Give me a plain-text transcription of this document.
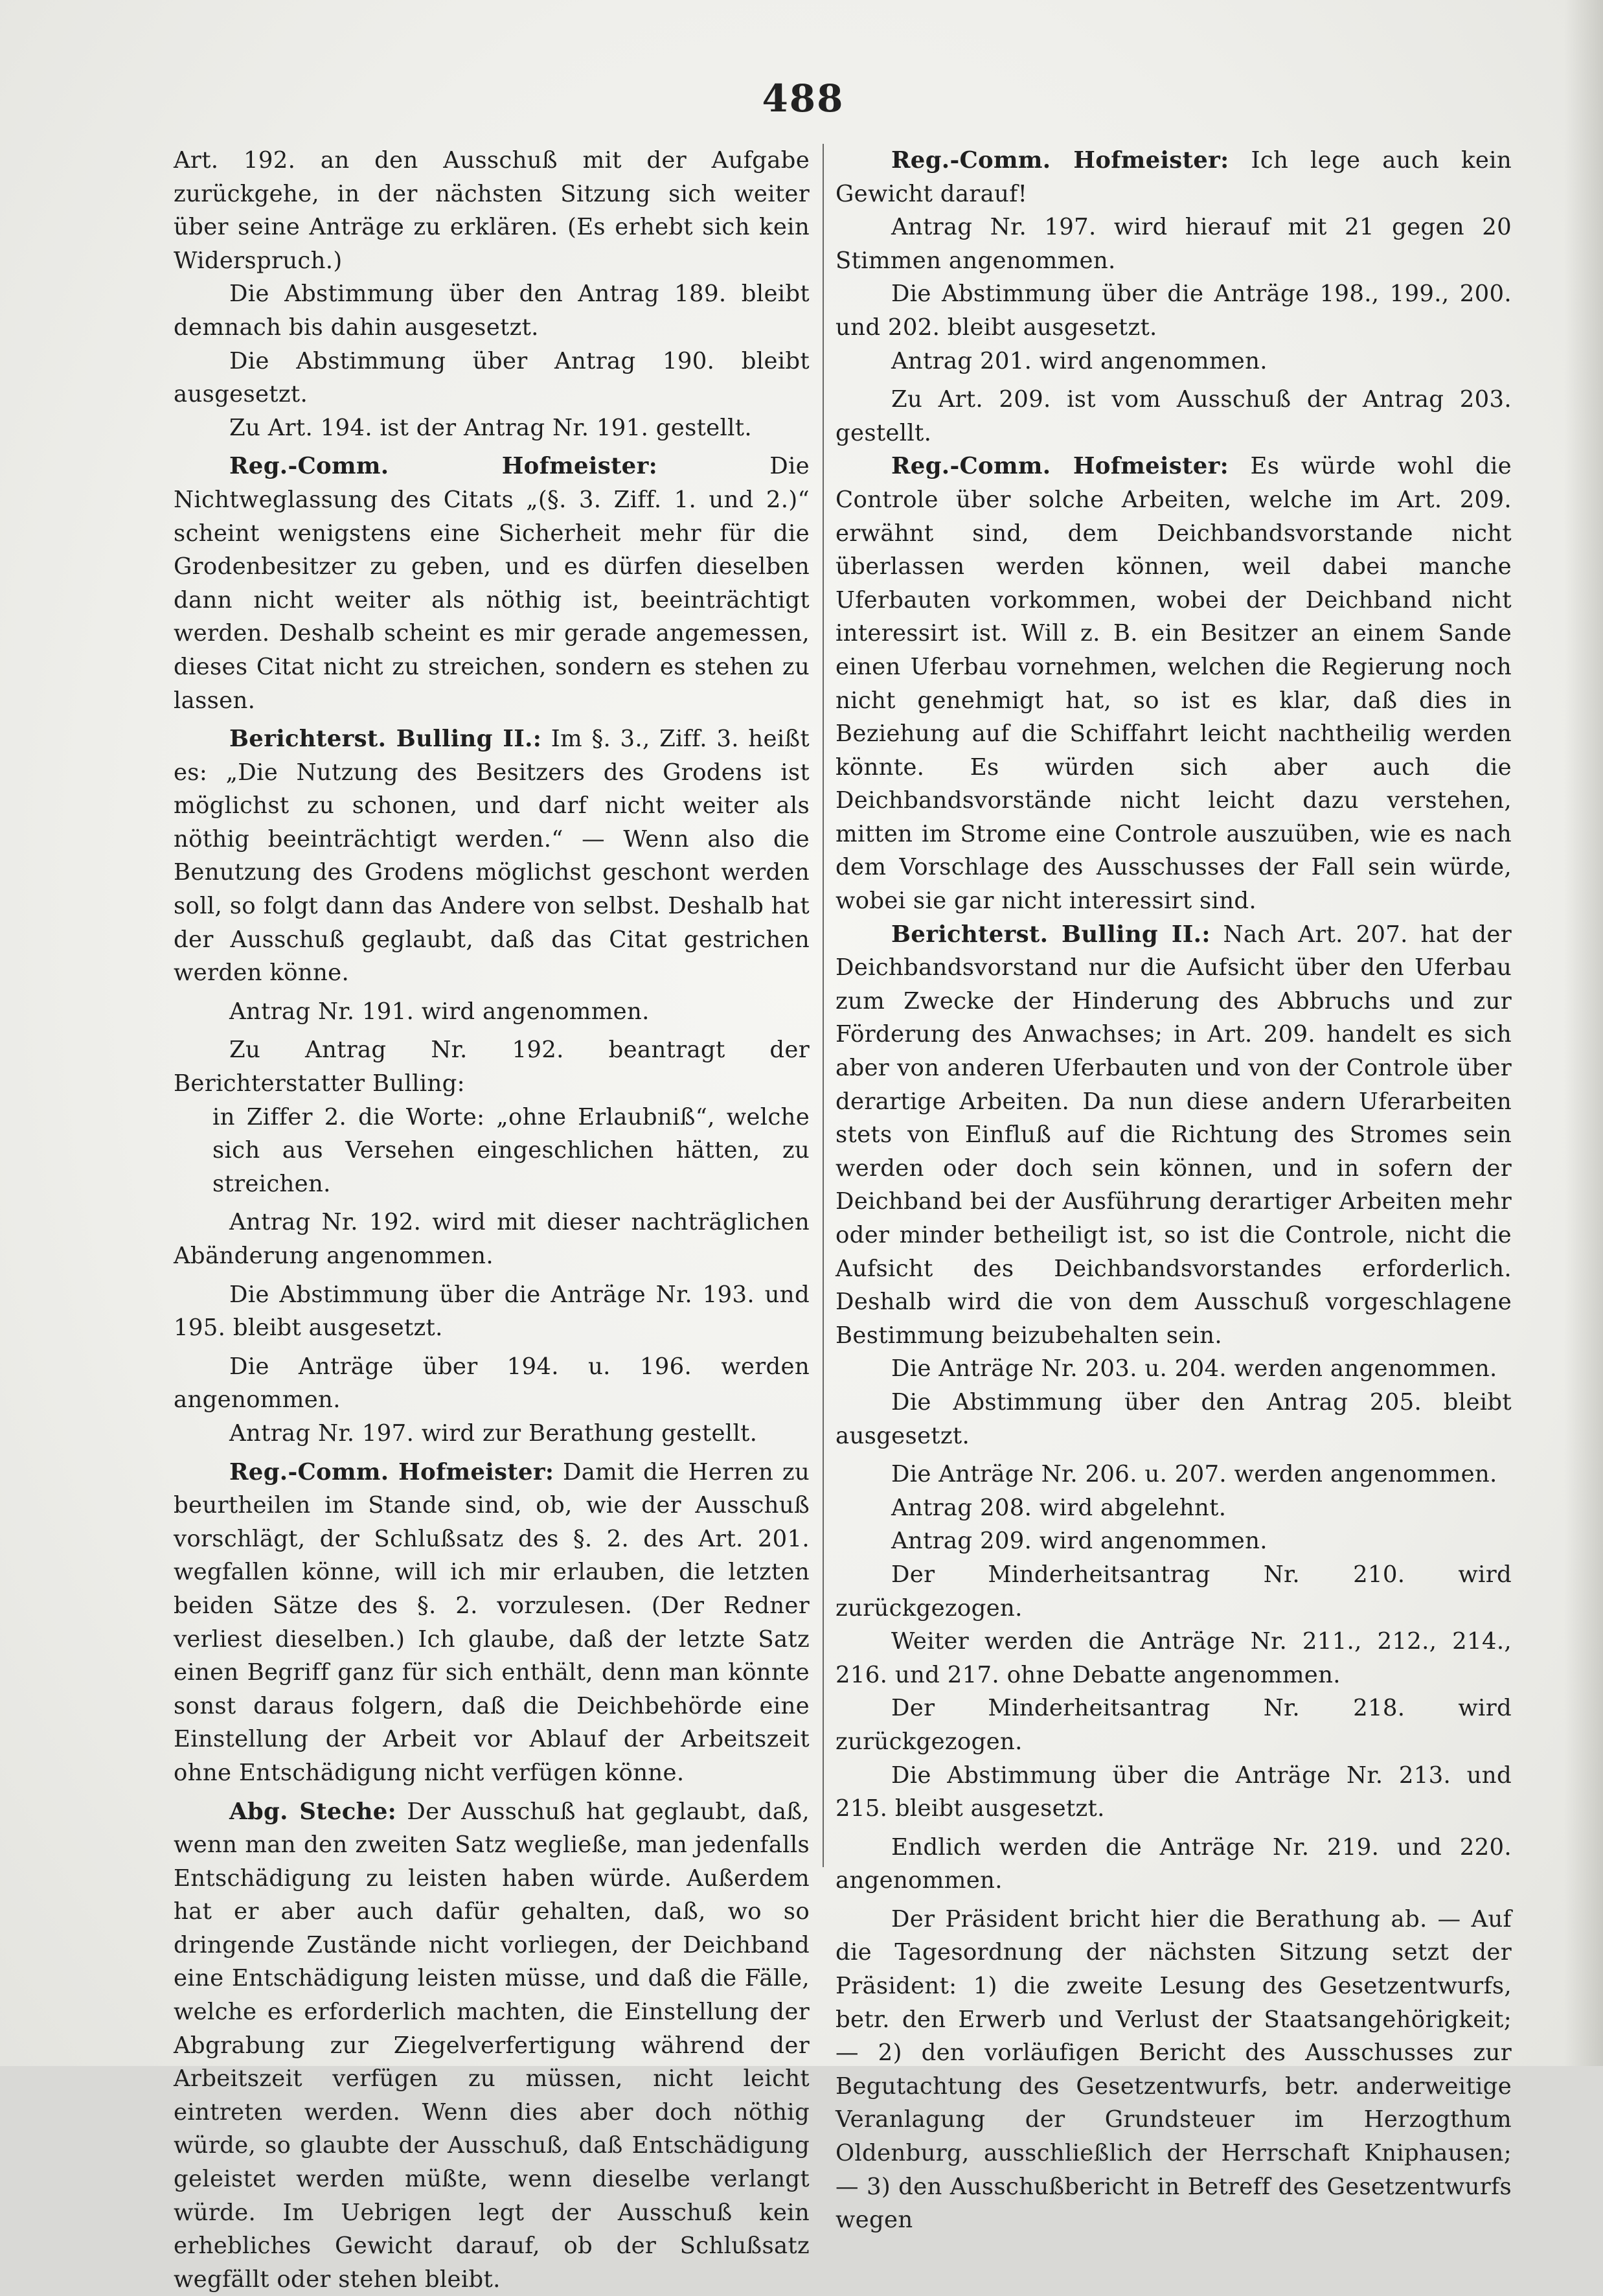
488

Art. 192. an den Ausschuß mit der Aufgabe zurückgehe, in der nächsten Sitzung sich weiter über seine Anträge zu erklären. (Es erhebt sich kein Widerspruch.)

Die Abstimmung über den Antrag 189. bleibt demnach bis dahin ausgesetzt.

Die Abstimmung über Antrag 190. bleibt ausgesetzt.

Zu Art. 194. ist der Antrag Nr. 191. gestellt.

Reg.-Comm. Hofmeister: Die Nichtweglassung des Citats „(§. 3. Ziff. 1. und 2.)“ scheint wenigstens eine Sicherheit mehr für die Grodenbesitzer zu geben, und es dürfen dieselben dann nicht weiter als nöthig ist, beeinträchtigt werden. Deshalb scheint es mir gerade angemessen, dieses Citat nicht zu streichen, sondern es stehen zu lassen.

Berichterst. Bulling II.: Im §. 3., Ziff. 3. heißt es: „Die Nutzung des Besitzers des Grodens ist möglichst zu schonen, und darf nicht weiter als nöthig beeinträchtigt werden.“ — Wenn also die Benutzung des Grodens möglichst geschont werden soll, so folgt dann das Andere von selbst. Deshalb hat der Ausschuß geglaubt, daß das Citat gestrichen werden könne.

Antrag Nr. 191. wird angenommen.

Zu Antrag Nr. 192. beantragt der Berichterstatter Bulling:

in Ziffer 2. die Worte: „ohne Erlaubniß“, welche sich aus Versehen eingeschlichen hätten, zu streichen.

Antrag Nr. 192. wird mit dieser nachträglichen Abänderung angenommen.

Die Abstimmung über die Anträge Nr. 193. und 195. bleibt ausgesetzt.

Die Anträge über 194. u. 196. werden angenommen.

Antrag Nr. 197. wird zur Berathung gestellt.

Reg.-Comm. Hofmeister: Damit die Herren zu beurtheilen im Stande sind, ob, wie der Ausschuß vorschlägt, der Schlußsatz des §. 2. des Art. 201. wegfallen könne, will ich mir erlauben, die letzten beiden Sätze des §. 2. vorzulesen. (Der Redner verliest dieselben.) Ich glaube, daß der letzte Satz einen Begriff ganz für sich enthält, denn man könnte sonst daraus folgern, daß die Deichbehörde eine Einstellung der Arbeit vor Ablauf der Arbeitszeit ohne Entschädigung nicht verfügen könne.

Abg. Steche: Der Ausschuß hat geglaubt, daß, wenn man den zweiten Satz wegließe, man jedenfalls Entschädigung zu leisten haben würde. Außerdem hat er aber auch dafür gehalten, daß, wo so dringende Zustände nicht vorliegen, der Deichband eine Entschädigung leisten müsse, und daß die Fälle, welche es erforderlich machten, die Einstellung der Abgrabung zur Ziegelverfertigung während der Arbeitszeit verfügen zu müssen, nicht leicht eintreten werden. Wenn dies aber doch nöthig würde, so glaubte der Ausschuß, daß Entschädigung geleistet werden müßte, wenn dieselbe verlangt würde. Im Uebrigen legt der Ausschuß kein erhebliches Gewicht darauf, ob der Schlußsatz wegfällt oder stehen bleibt.

Reg.-Comm. Hofmeister: Ich lege auch kein Gewicht darauf!

Antrag Nr. 197. wird hierauf mit 21 gegen 20 Stimmen angenommen.

Die Abstimmung über die Anträge 198., 199., 200. und 202. bleibt ausgesetzt.

Antrag 201. wird angenommen.

Zu Art. 209. ist vom Ausschuß der Antrag 203. gestellt.

Reg.-Comm. Hofmeister: Es würde wohl die Controle über solche Arbeiten, welche im Art. 209. erwähnt sind, dem Deichbandsvorstande nicht überlassen werden können, weil dabei manche Uferbauten vorkommen, wobei der Deichband nicht interessirt ist. Will z. B. ein Besitzer an einem Sande einen Uferbau vornehmen, welchen die Regierung noch nicht genehmigt hat, so ist es klar, daß dies in Beziehung auf die Schiffahrt leicht nachtheilig werden könnte. Es würden sich aber auch die Deichbandsvorstände nicht leicht dazu verstehen, mitten im Strome eine Controle auszuüben, wie es nach dem Vorschlage des Ausschusses der Fall sein würde, wobei sie gar nicht interessirt sind.

Berichterst. Bulling II.: Nach Art. 207. hat der Deichbandsvorstand nur die Aufsicht über den Uferbau zum Zwecke der Hinderung des Abbruchs und zur Förderung des Anwachses; in Art. 209. handelt es sich aber von anderen Uferbauten und von der Controle über derartige Arbeiten. Da nun diese andern Uferarbeiten stets von Einfluß auf die Richtung des Stromes sein werden oder doch sein können, und in sofern der Deichband bei der Ausführung derartiger Arbeiten mehr oder minder betheiligt ist, so ist die Controle, nicht die Aufsicht des Deichbandsvorstandes erforderlich. Deshalb wird die von dem Ausschuß vorgeschlagene Bestimmung beizubehalten sein.

Die Anträge Nr. 203. u. 204. werden angenommen.

Die Abstimmung über den Antrag 205. bleibt ausgesetzt.

Die Anträge Nr. 206. u. 207. werden angenommen.

Antrag 208. wird abgelehnt.

Antrag 209. wird angenommen.

Der Minderheitsantrag Nr. 210. wird zurückgezogen.

Weiter werden die Anträge Nr. 211., 212., 214., 216. und 217. ohne Debatte angenommen.

Der Minderheitsantrag Nr. 218. wird zurückgezogen.

Die Abstimmung über die Anträge Nr. 213. und 215. bleibt ausgesetzt.

Endlich werden die Anträge Nr. 219. und 220. angenommen.

Der Präsident bricht hier die Berathung ab. — Auf die Tagesordnung der nächsten Sitzung setzt der Präsident: 1) die zweite Lesung des Gesetzentwurfs, betr. den Erwerb und Verlust der Staatsangehörigkeit; — 2) den vorläufigen Bericht des Ausschusses zur Begutachtung des Gesetzentwurfs, betr. anderweitige Veranlagung der Grundsteuer im Herzogthum Oldenburg, ausschließlich der Herrschaft Kniphausen; — 3) den Ausschußbericht in Betreff des Gesetzentwurfs wegen
